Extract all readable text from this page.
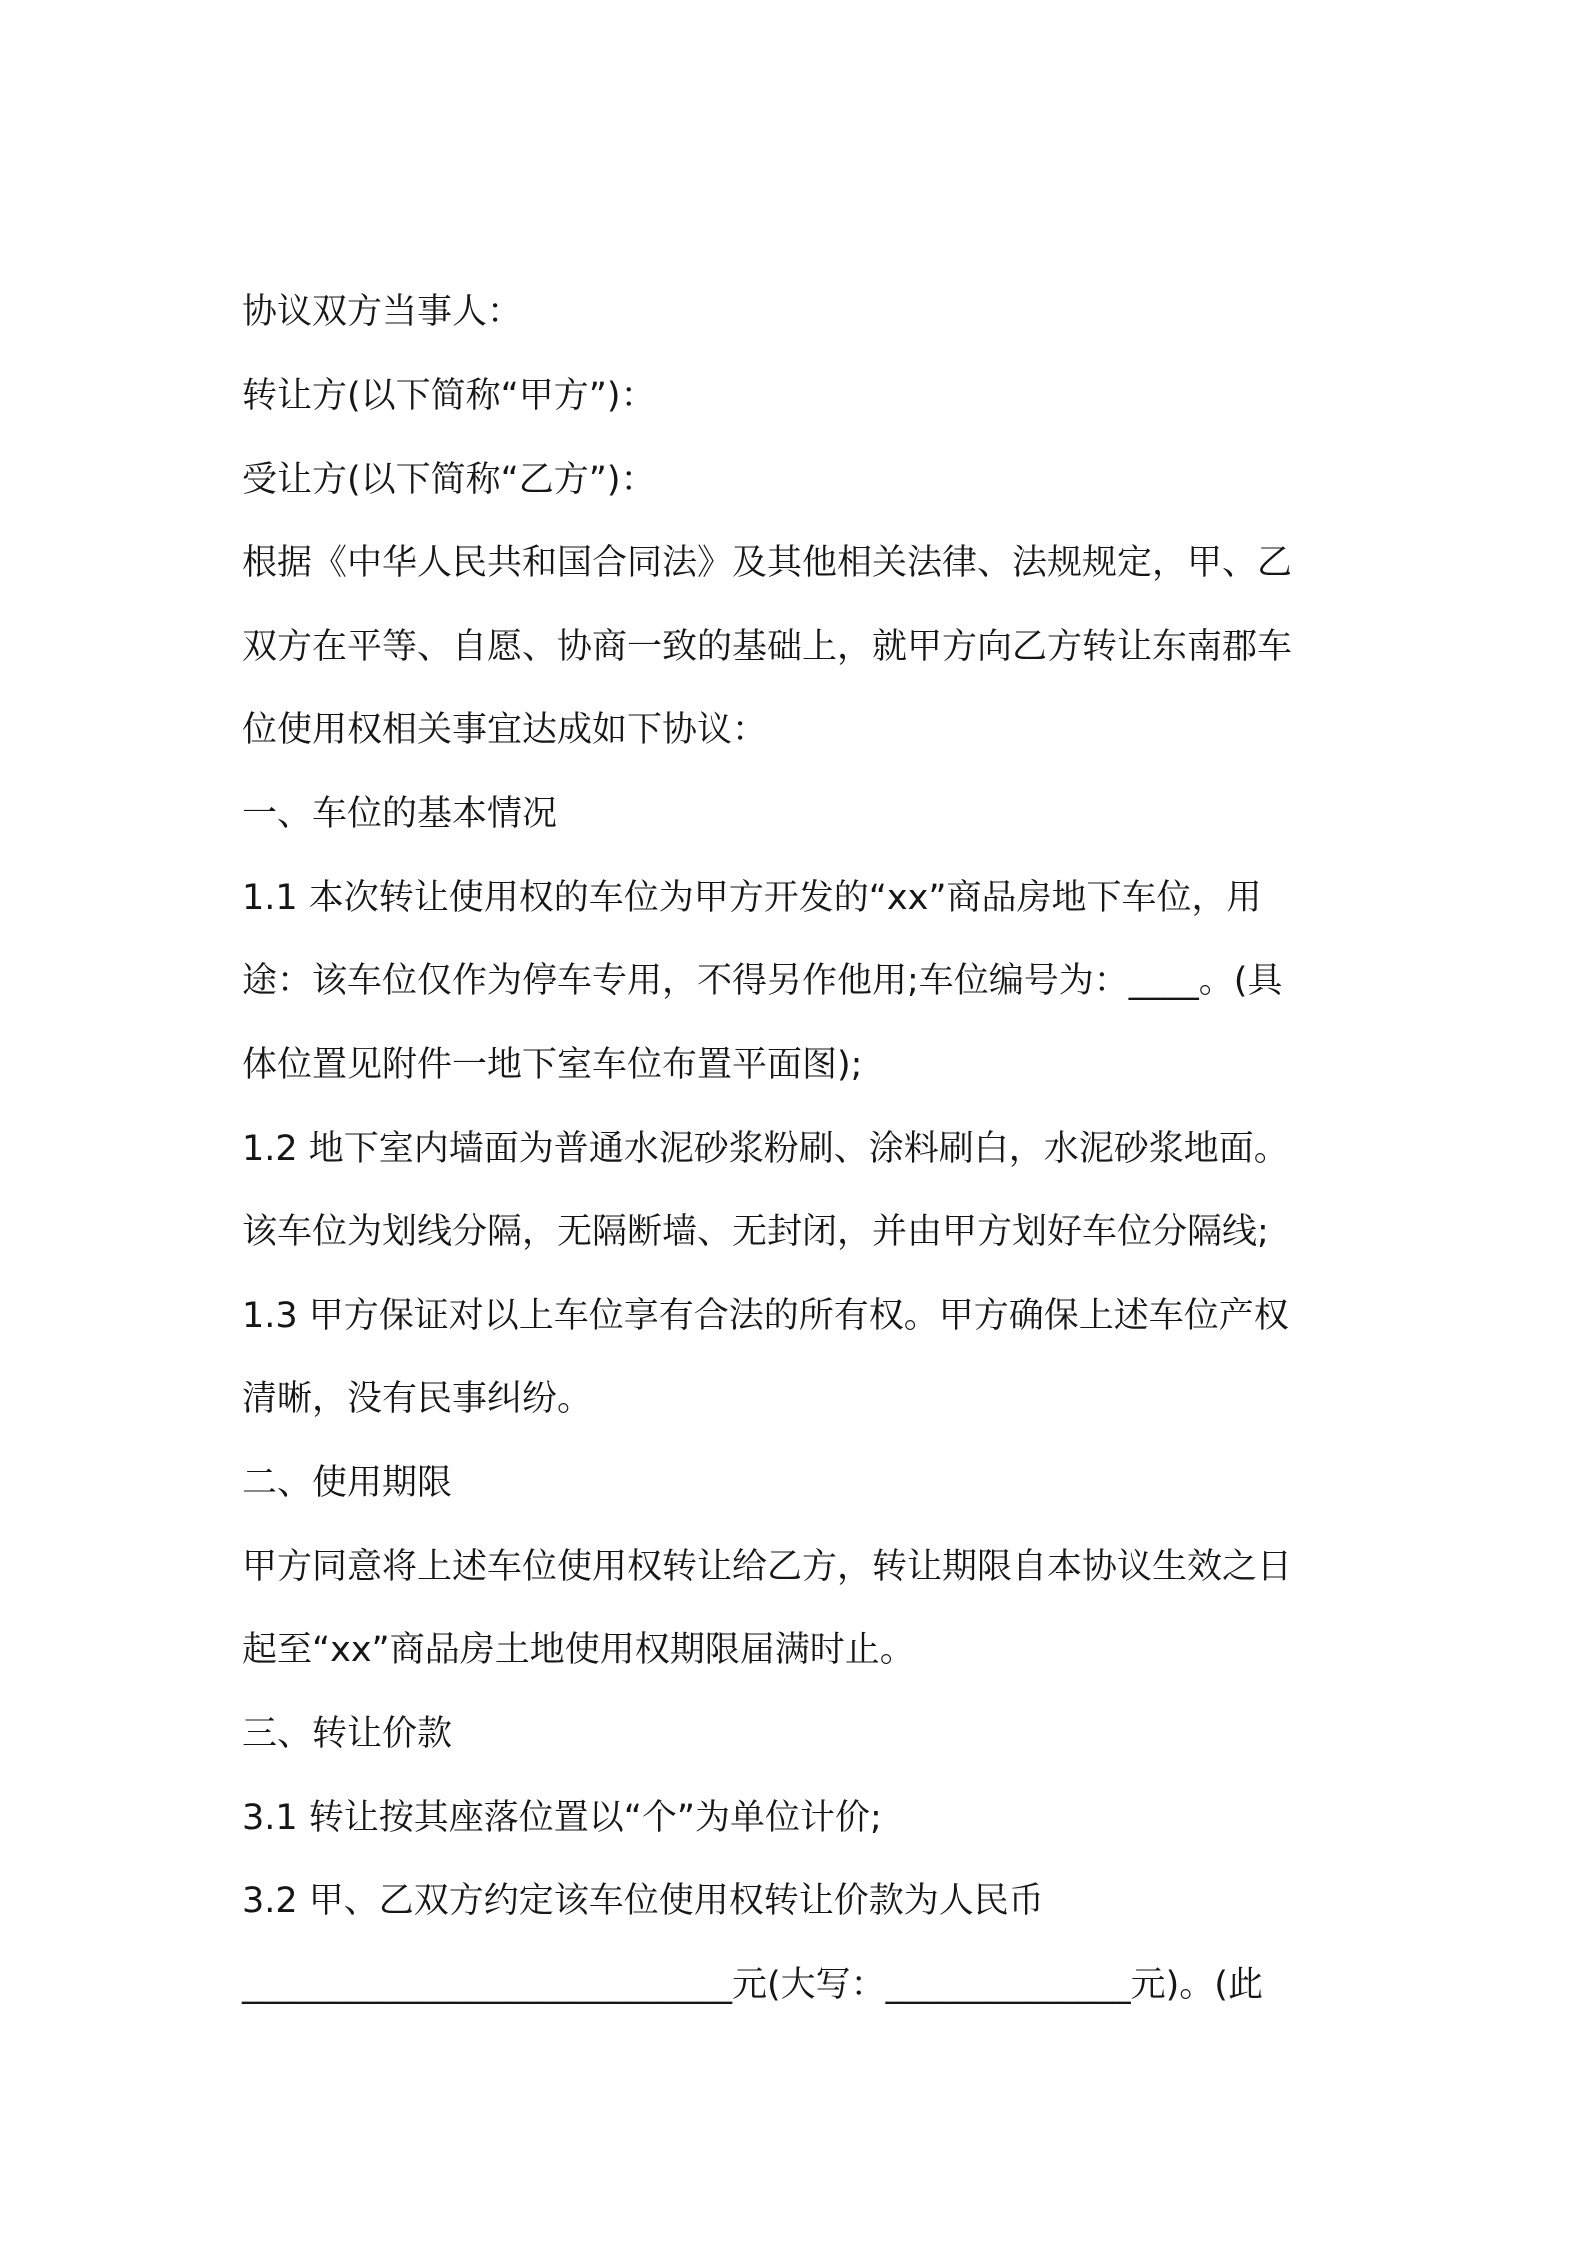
协议双方当事人：
转让方(以下简称“甲方”)：
受让方(以下简称“乙方”)：
根据《中华人民共和国合同法》及其他相关法律、法规规定，甲、乙
双方在平等、自愿、协商一致的基础上，就甲方向乙方转让东南郡车
位使用权相关事宜达成如下协议：
一、车位的基本情况
1.1 本次转让使用权的车位为甲方开发的“xx”商品房地下车位，用
途：该车位仅作为停车专用，不得另作他用;车位编号为：____。(具
体位置见附件一地下室车位布置平面图);
1.2 地下室内墙面为普通水泥砂浆粉刷、涂料刷白，水泥砂浆地面。
该车位为划线分隔，无隔断墙、无封闭，并由甲方划好车位分隔线;
1.3 甲方保证对以上车位享有合法的所有权。甲方确保上述车位产权
清晰，没有民事纠纷。
二、使用期限
甲方同意将上述车位使用权转让给乙方，转让期限自本协议生效之日
起至“xx”商品房土地使用权期限届满时止。
三、转让价款
3.1 转让按其座落位置以“个”为单位计价;
3.2 甲、乙双方约定该车位使用权转让价款为人民币
____________________________元(大写：______________元)。(此
